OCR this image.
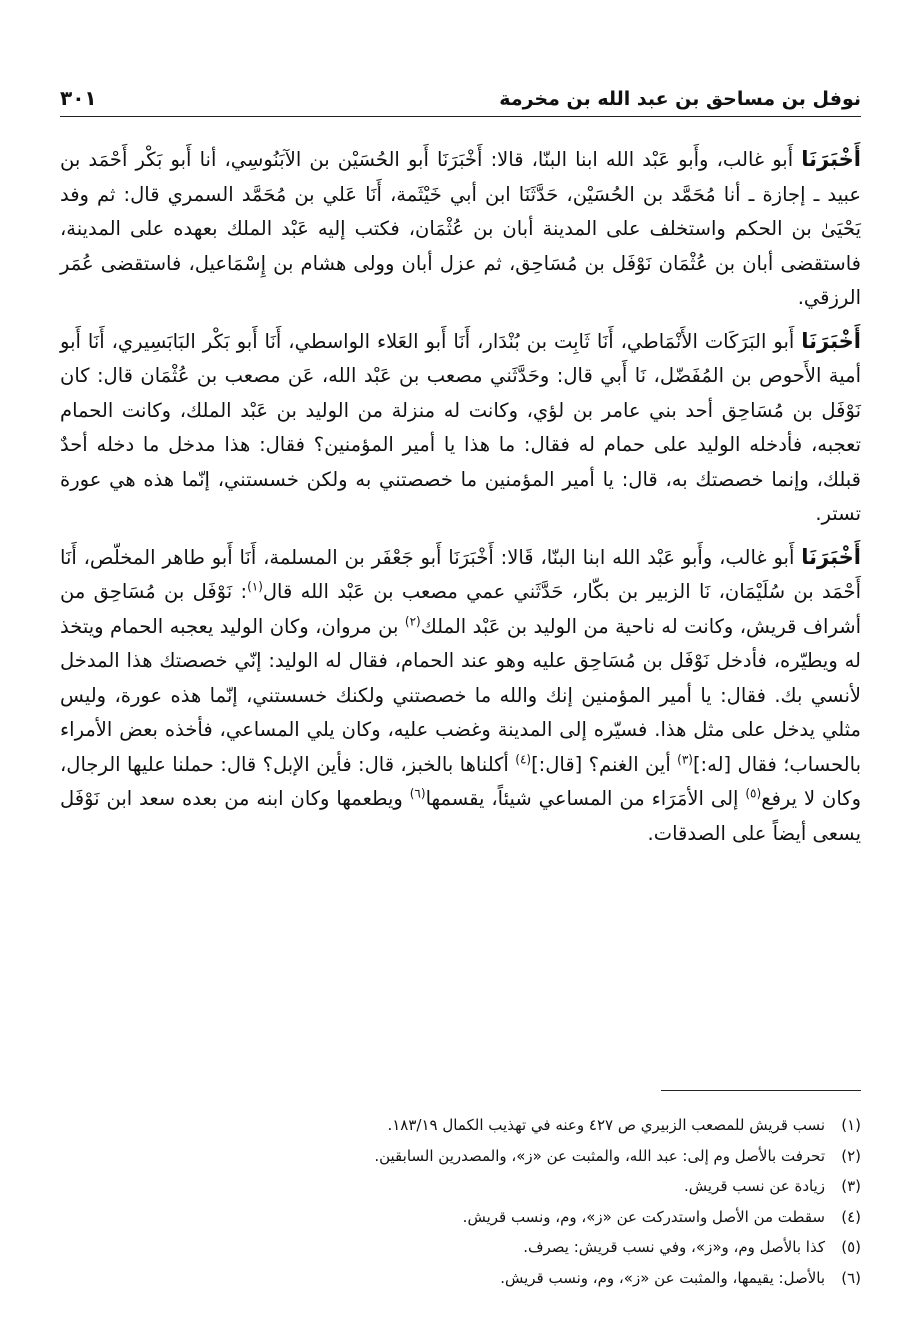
نوفل بن مساحق بن عبد الله بن مخرمة
٣٠١

أَخْبَرَنَا أَبو غالب، وأَبو عَبْد الله ابنا البنّا، قالا: أَخْبَرَنَا أَبو الحُسَيْن بن الآبَنُوسِي، أنا أَبو بَكْر أَحْمَد بن عبيد ـ إجازة ـ أنا مُحَمَّد بن الحُسَيْن، حَدَّثَنَا ابن أبي خَيْثَمة، أَنَا عَلي بن مُحَمَّد السمري قال: ثم وفد يَحْيَىٰ بن الحكم واستخلف على المدينة أبان بن عُثْمَان، فكتب إليه عَبْد الملك بعهده على المدينة، فاستقضى أبان بن عُثْمَان نَوْفَل بن مُسَاحِق، ثم عزل أبان وولى هشام بن إِسْمَاعيل، فاستقضى عُمَر الرزقي.

أَخْبَرَنَا أَبو البَرَكَات الأَنْمَاطي، أَنَا ثَابِت بن بُنْدَار، أَنَا أَبو العَلاء الواسطي، أَنَا أَبو بَكْر البَابَسِيري، أَنَا أَبو أمية الأَحوص بن المُفَضّل، نَا أَبي قال: وحَدَّثَني مصعب بن عَبْد الله، عَن مصعب بن عُثْمَان قال: كان نَوْفَل بن مُسَاحِق أحد بني عامر بن لؤي، وكانت له منزلة من الوليد بن عَبْد الملك، وكانت الحمام تعجبه، فأدخله الوليد على حمام له فقال: ما هذا يا أمير المؤمنين؟ فقال: هذا مدخل ما دخله أحدٌ قبلك، وإنما خصصتك به، قال: يا أمير المؤمنين ما خصصتني به ولكن خسستني، إنّما هذه هي عورة تستر.

أَخْبَرَنَا أَبو غالب، وأَبو عَبْد الله ابنا البنّا، قَالا: أَخْبَرَنَا أَبو جَعْفَر بن المسلمة، أَنَا أَبو طاهر المخلّص، أَنَا أَحْمَد بن سُلَيْمَان، نَا الزبير بن بكّار، حَدَّثَني عمي مصعب بن عَبْد الله قال$^{(١)}$: نَوْفَل بن مُسَاحِق من أشراف قريش، وكانت له ناحية من الوليد بن عَبْد الملك$^{(٢)}$ بن مروان، وكان الوليد يعجبه الحمام ويتخذ له ويطيّره، فأدخل نَوْفَل بن مُسَاحِق عليه وهو عند الحمام، فقال له الوليد: إنّي خصصتك هذا المدخل لأنسي بك. فقال: يا أمير المؤمنين إنك والله ما خصصتني ولكنك خسستني، إنّما هذه عورة، وليس مثلي يدخل على مثل هذا. فسيّره إلى المدينة وغضب عليه، وكان يلي المساعي، فأخذه بعض الأمراء بالحساب؛ فقال [له:]$^{(٣)}$ أين الغنم؟ [قال:]$^{(٤)}$ أكلناها بالخبز، قال: فأين الإبل؟ قال: حملنا عليها الرجال، وكان لا يرفع$^{(٥)}$ إلى الأمَرَاء من المساعي شيئاً، يقسمها$^{(٦)}$ ويطعمها وكان ابنه من بعده سعد ابن نَوْفَل يسعى أيضاً على الصدقات.

(١)
نسب قريش للمصعب الزبيري ص ٤٢٧ وعنه في تهذيب الكمال ١٨٣/١٩.
(٢)
تحرفت بالأصل وم إلى: عبد الله، والمثبت عن «ز»، والمصدرين السابقين.
(٣)
زيادة عن نسب قريش.
(٤)
سقطت من الأصل واستدركت عن «ز»، وم، ونسب قريش.
(٥)
كذا بالأصل وم، و«ز»، وفي نسب قريش: يصرف.
(٦)
بالأصل: يقيمها، والمثبت عن «ز»، وم، ونسب قريش.
